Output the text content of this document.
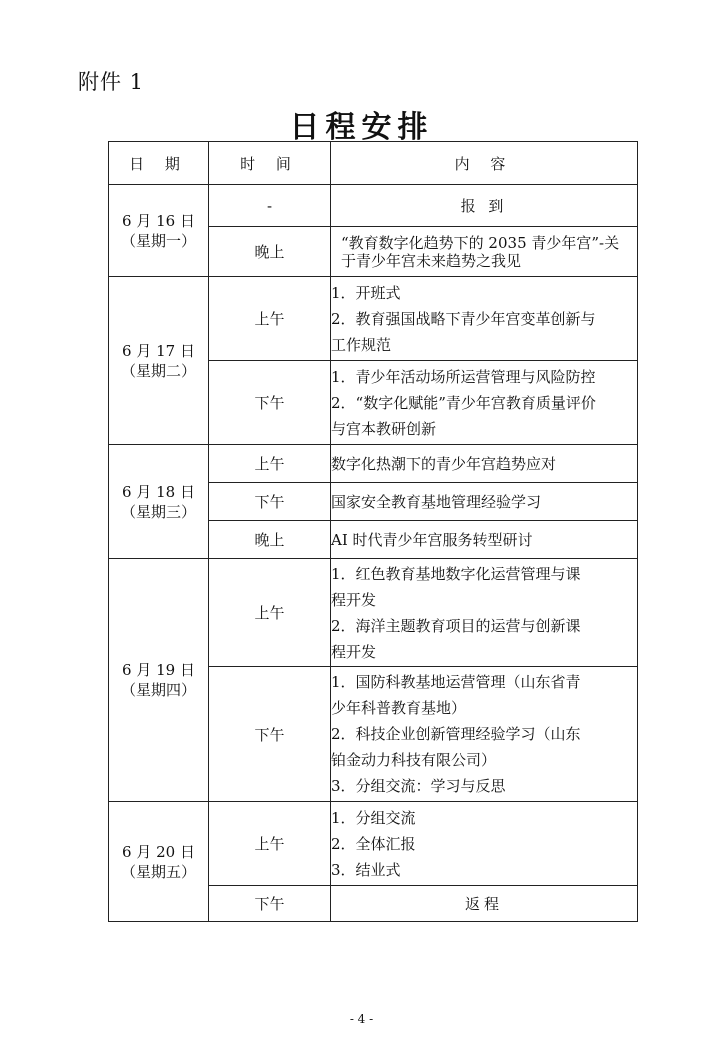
附件 1
日程安排
日 期	时 间	内 容

6 月 16 日
（星期一）	-	报 到

	晚上	“教育数字化趋势下的 2035 青少年宫”-关
于青少年宫未来趋势之我见

6 月 17 日
（星期二）	上午	1．开班式
2．教育强国战略下青少年宫变革创新与
工作规范

	下午	1．青少年活动场所运营管理与风险防控
2．“数字化赋能”青少年宫教育质量评价
与宫本教研创新

6 月 18 日
（星期三）	上午	数字化热潮下的青少年宫趋势应对

	下午	国家安全教育基地管理经验学习

	晚上	AI 时代青少年宫服务转型研讨

6 月 19 日
（星期四）	上午	1．红色教育基地数字化运营管理与课
程开发
2．海洋主题教育项目的运营与创新课
程开发

	下午	1．国防科教基地运营管理（山东省青
少年科普教育基地）
2．科技企业创新管理经验学习（山东
铂金动力科技有限公司）
3．分组交流：学习与反思

6 月 20 日
（星期五）	上午	1．分组交流
2．全体汇报
3．结业式

	下午	返程
- 4 -
